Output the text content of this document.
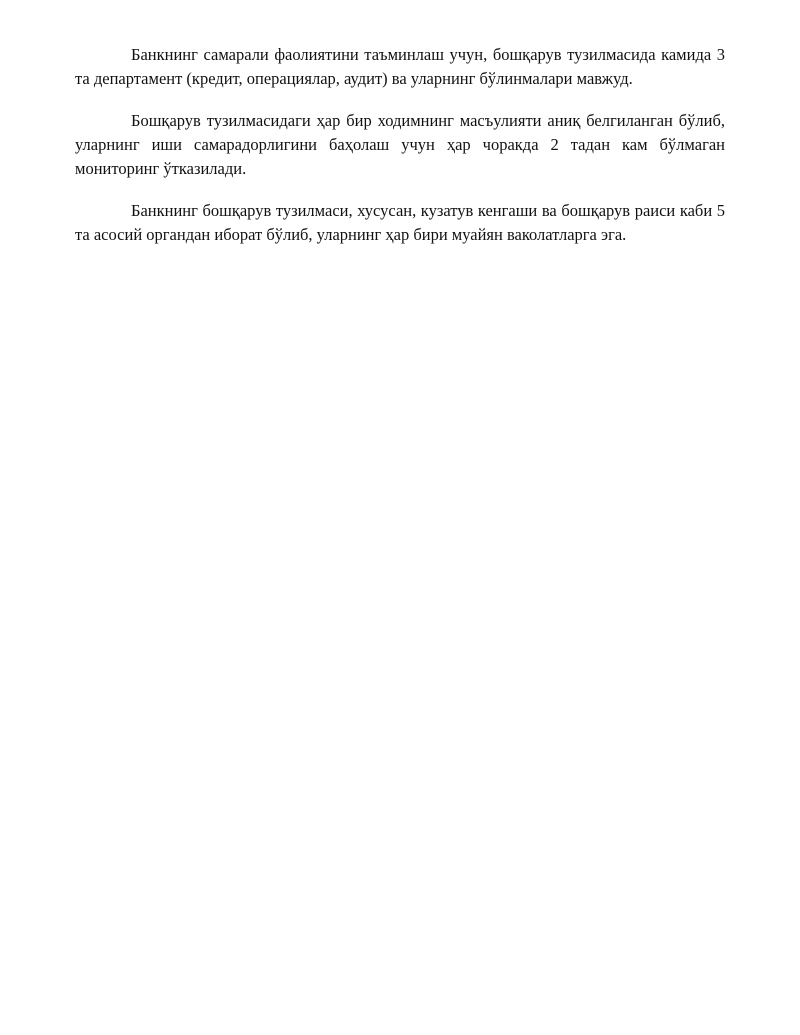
Банкнинг самарали фаолиятини таъминлаш учун, бошқарув тузилмасида камида 3 та департамент (кредит, операциялар, аудит) ва уларнинг бўлинмалари мавжуд.

Бошқарув тузилмасидаги ҳар бир ходимнинг масъулияти аниқ белгиланган бўлиб, уларнинг иши самарадорлигини баҳолаш учун ҳар чоракда 2 тадан кам бўлмаган мониторинг ўтказилади.

Банкнинг бошқарув тузилмаси, хусусан, кузатув кенгаши ва бошқарув раиси каби 5 та асосий органдан иборат бўлиб, уларнинг ҳар бири муайян ваколатларга эга.
